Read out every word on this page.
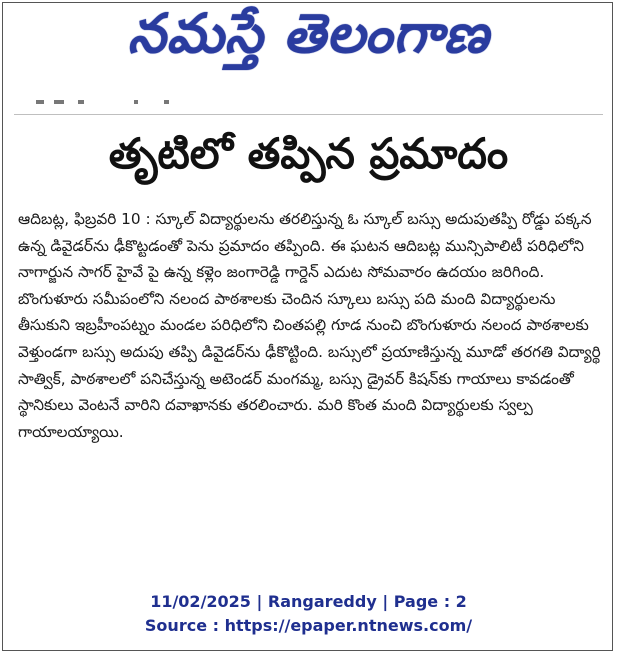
నమస్తే తెలంగాణ
తృటిలో తప్పిన ప్రమాదం

ఆదిబట్ల, ఫిబ్రవరి 10 : స్కూల్ విద్యార్థులను తరలిస్తున్న ఓ స్కూల్ బస్సు అదుపుతప్పి రోడ్డు పక్కన ఉన్న డివైడర్‌ను ఢీకొట్టడంతో పెను ప్రమాదం తప్పింది. ఈ ఘటన ఆదిబట్ల మున్సిపాలిటీ పరిధిలోని నాగార్జున సాగర్ హైవే పై ఉన్న కళ్లెం జంగారెడ్డి గార్డెన్ ఎదుట సోమవారం ఉదయం జరిగింది. బొంగుళూరు సమీపంలోని నలంద పాఠశాలకు చెందిన స్కూలు బస్సు పది మంది విద్యార్థులను తీసుకుని ఇబ్రహీంపట్నం మండల పరిధిలోని చింతపల్లి గూడ నుంచి బొంగుళూరు నలంద పాఠశాలకు వెళ్తుండగా బస్సు అదుపు తప్పి డివైడర్‌ను ఢీకొట్టింది. బస్సులో ప్రయాణిస్తున్న మూడో తరగతి విద్యార్థి సాత్విక్, పాఠశాలలో పనిచేస్తున్న అటెండర్ మంగమ్మ, బస్సు డ్రైవర్ కిషన్‌కు గాయాలు కావడంతో స్థానికులు వెంటనే వారిని దవాఖానకు తరలించారు. మరి కొంత మంది విద్యార్థులకు స్వల్ప గాయాలయ్యాయి.

11/02/2025 | Rangareddy | Page : 2
Source : https://epaper.ntnews.com/
